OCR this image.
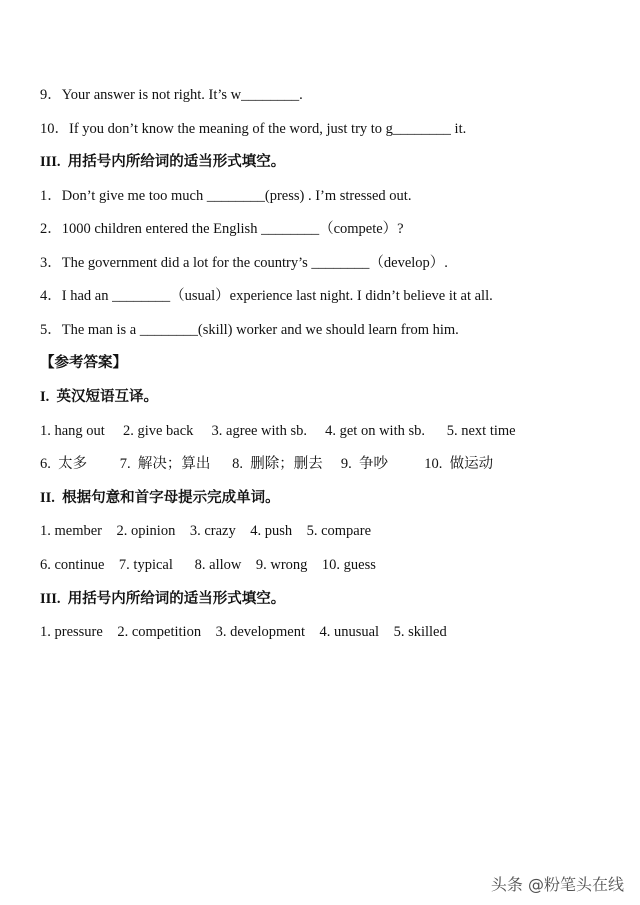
9．Your answer is not right. It’s w________.
10．If you don’t know the meaning of the word, just try to g________ it.
III.  用括号内所给词的适当形式填空。
1．Don’t give me too much ________(press) . I’m stressed out.
2．1000 children entered the English ________（compete）?
3．The government did a lot for the country’s ________（develop）.
4．I had an ________（usual）experience last night. I didn’t believe it at all.
5．The man is a ________(skill) worker and we should learn from him.
【参考答案】
I.  英汉短语互译。
1. hang out     2. give back     3. agree with sb.     4. get on with sb.      5. next time
6.  太多         7.  解决；算出      8.  删除；删去     9.  争吵          10.  做运动
II.  根据句意和首字母提示完成单词。
1. member    2. opinion    3. crazy    4. push    5. compare
6. continue    7. typical      8. allow    9. wrong    10. guess
III.  用括号内所给词的适当形式填空。
1. pressure    2. competition    3. development    4. unusual    5. skilled
头条 @粉笔头在线
